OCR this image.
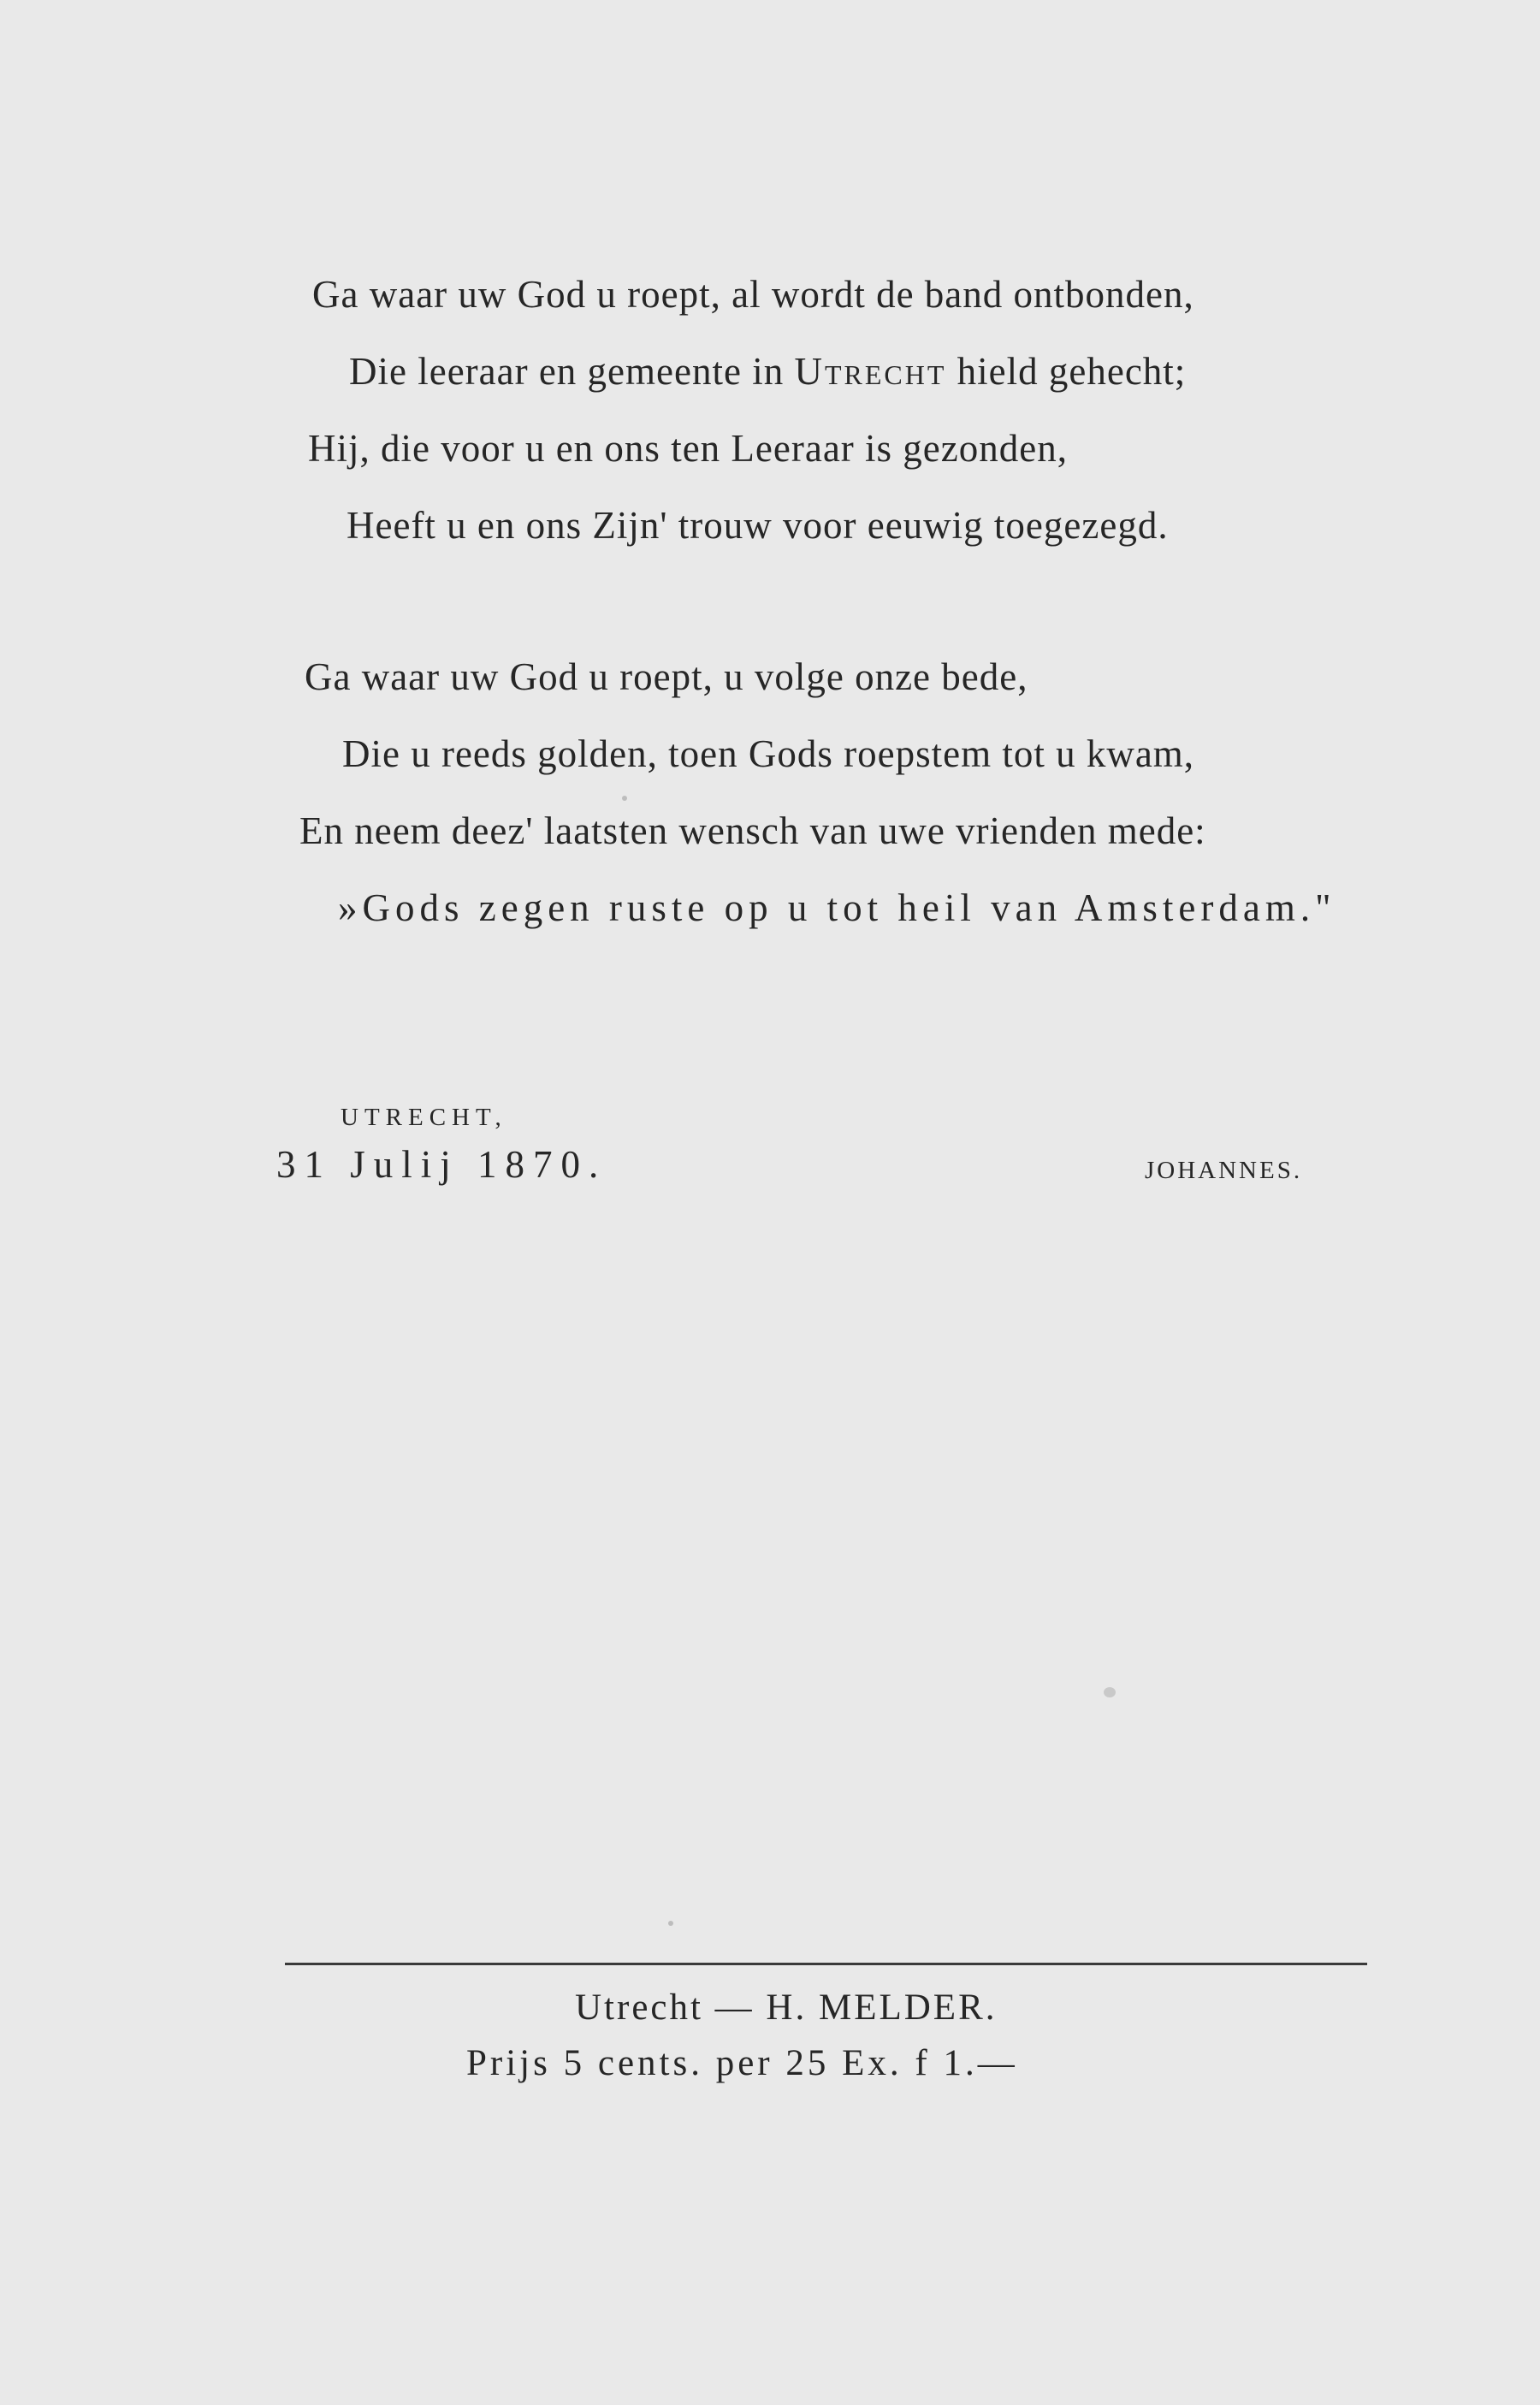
Ga waar uw God u roept, al wordt de band ontbonden,
Die leeraar en gemeente in Utrecht hield gehecht;
Hij, die voor u en ons ten Leeraar is gezonden,
Heeft u en ons Zijn' trouw voor eeuwig toegezegd.
Ga waar uw God u roept, u volge onze bede,
Die u reeds golden, toen Gods roepstem tot u kwam,
En neem deez' laatsten wensch van uwe vrienden mede:
»Gods zegen ruste op u tot heil van Amsterdam."
UTRECHT,
31 Julij 1870.	JOHANNES.
Utrecht — H. MELDER.
Prijs 5 cents. per 25 Ex. f 1.—
